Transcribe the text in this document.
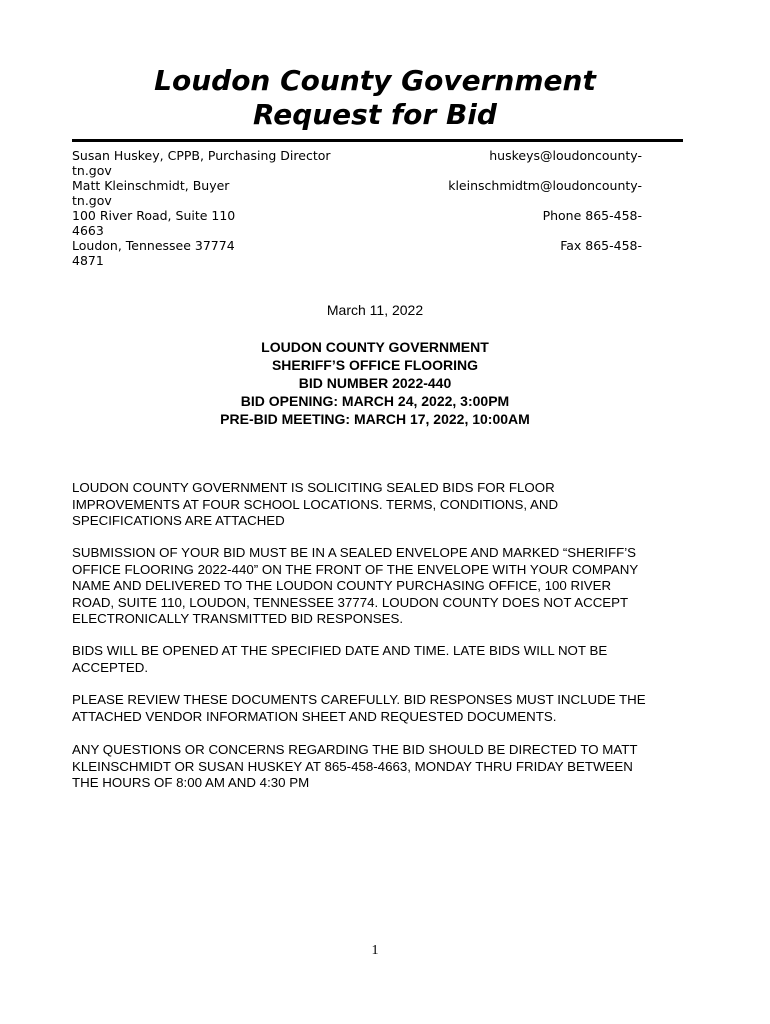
Loudon County Government
Request for Bid
Susan Huskey, CPPB, Purchasing Director	huskeys@loudoncounty-
tn.gov
Matt Kleinschmidt, Buyer	kleinschmidtm@loudoncounty-
tn.gov
100 River Road, Suite 110	Phone 865-458-
4663
Loudon, Tennessee 37774	Fax 865-458-
4871
March 11, 2022
LOUDON COUNTY GOVERNMENT
SHERIFF’S OFFICE FLOORING
BID NUMBER 2022-440
BID OPENING: MARCH 24, 2022, 3:00PM
PRE-BID MEETING: MARCH 17, 2022, 10:00AM
LOUDON COUNTY GOVERNMENT IS SOLICITING SEALED BIDS FOR FLOOR
IMPROVEMENTS AT FOUR SCHOOL LOCATIONS. TERMS, CONDITIONS, AND
SPECIFICATIONS ARE ATTACHED
SUBMISSION OF YOUR BID MUST BE IN A SEALED ENVELOPE AND MARKED “SHERIFF’S
OFFICE FLOORING 2022-440” ON THE FRONT OF THE ENVELOPE WITH YOUR COMPANY
NAME AND DELIVERED TO THE LOUDON COUNTY PURCHASING OFFICE, 100 RIVER
ROAD, SUITE 110, LOUDON, TENNESSEE 37774. LOUDON COUNTY DOES NOT ACCEPT
ELECTRONICALLY TRANSMITTED BID RESPONSES.
BIDS WILL BE OPENED AT THE SPECIFIED DATE AND TIME. LATE BIDS WILL NOT BE
ACCEPTED.
PLEASE REVIEW THESE DOCUMENTS CAREFULLY. BID RESPONSES MUST INCLUDE THE
ATTACHED VENDOR INFORMATION SHEET AND REQUESTED DOCUMENTS.
ANY QUESTIONS OR CONCERNS REGARDING THE BID SHOULD BE DIRECTED TO MATT
KLEINSCHMIDT OR SUSAN HUSKEY AT 865-458-4663, MONDAY THRU FRIDAY BETWEEN
THE HOURS OF 8:00 AM AND 4:30 PM
1
